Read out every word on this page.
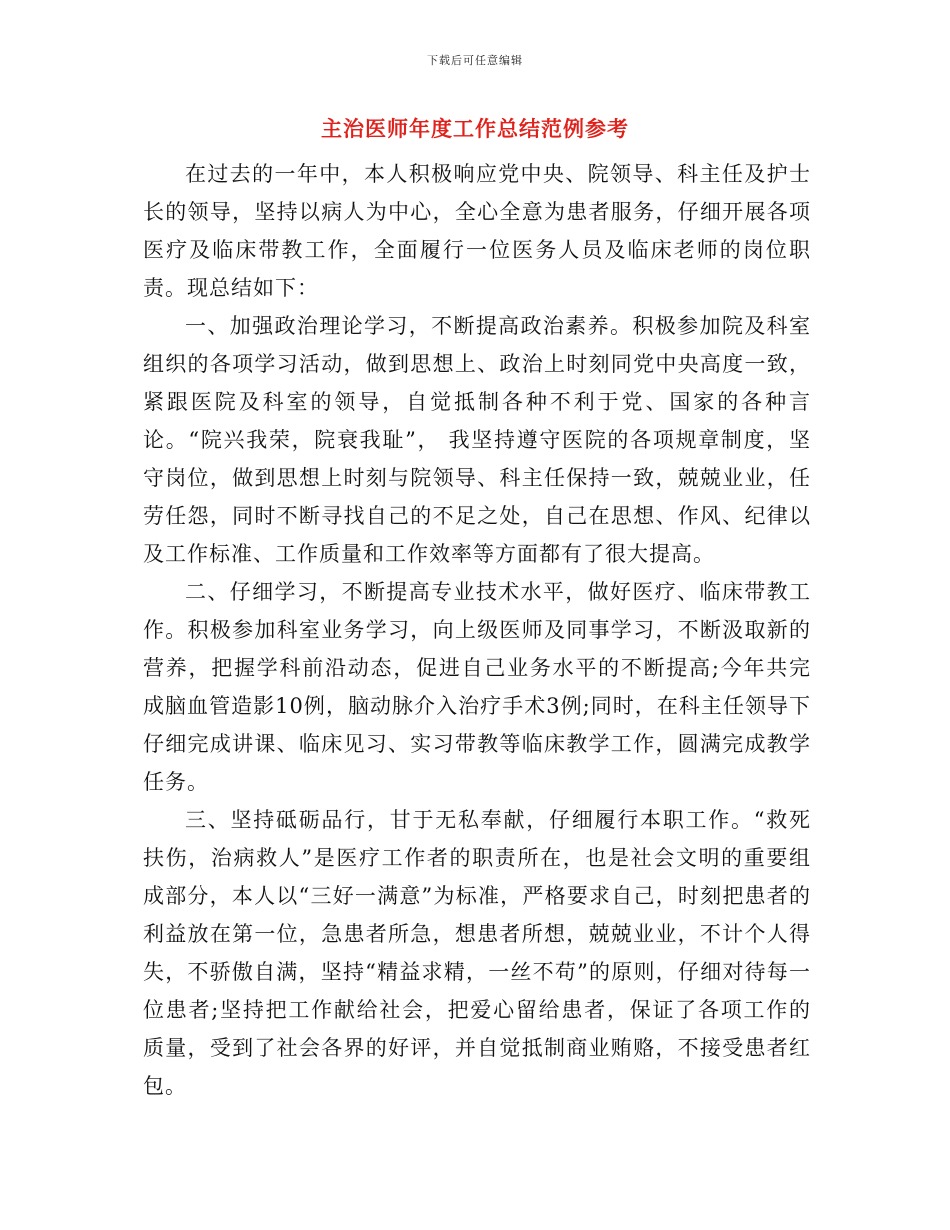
下载后可任意编辑
主治医师年度工作总结范例参考

在过去的一年中，本人积极响应党中央、院领导、科主任及护士长的领导，坚持以病人为中心，全心全意为患者服务，仔细开展各项医疗及临床带教工作，全面履行一位医务人员及临床老师的岗位职责。现总结如下：

一、加强政治理论学习，不断提高政治素养。积极参加院及科室组织的各项学习活动，做到思想上、政治上时刻同党中央高度一致，紧跟医院及科室的领导，自觉抵制各种不利于党、国家的各种言论。“院兴我荣，院衰我耻”， 我坚持遵守医院的各项规章制度，坚守岗位，做到思想上时刻与院领导、科主任保持一致，兢兢业业，任劳任怨，同时不断寻找自己的不足之处，自己在思想、作风、纪律以及工作标准、工作质量和工作效率等方面都有了很大提高。

二、仔细学习，不断提高专业技术水平，做好医疗、临床带教工作。积极参加科室业务学习，向上级医师及同事学习，不断汲取新的营养，把握学科前沿动态，促进自己业务水平的不断提高;今年共完成脑血管造影10例，脑动脉介入治疗手术3例;同时，在科主任领导下仔细完成讲课、临床见习、实习带教等临床教学工作，圆满完成教学任务。

三、坚持砥砺品行，甘于无私奉献，仔细履行本职工作。“救死扶伤，治病救人”是医疗工作者的职责所在，也是社会文明的重要组成部分，本人以“三好一满意”为标准，严格要求自己，时刻把患者的利益放在第一位，急患者所急，想患者所想，兢兢业业，不计个人得失，不骄傲自满，坚持“精益求精，一丝不苟”的原则，仔细对待每一位患者;坚持把工作献给社会，把爱心留给患者，保证了各项工作的质量，受到了社会各界的好评，并自觉抵制商业贿赂，不接受患者红包。
